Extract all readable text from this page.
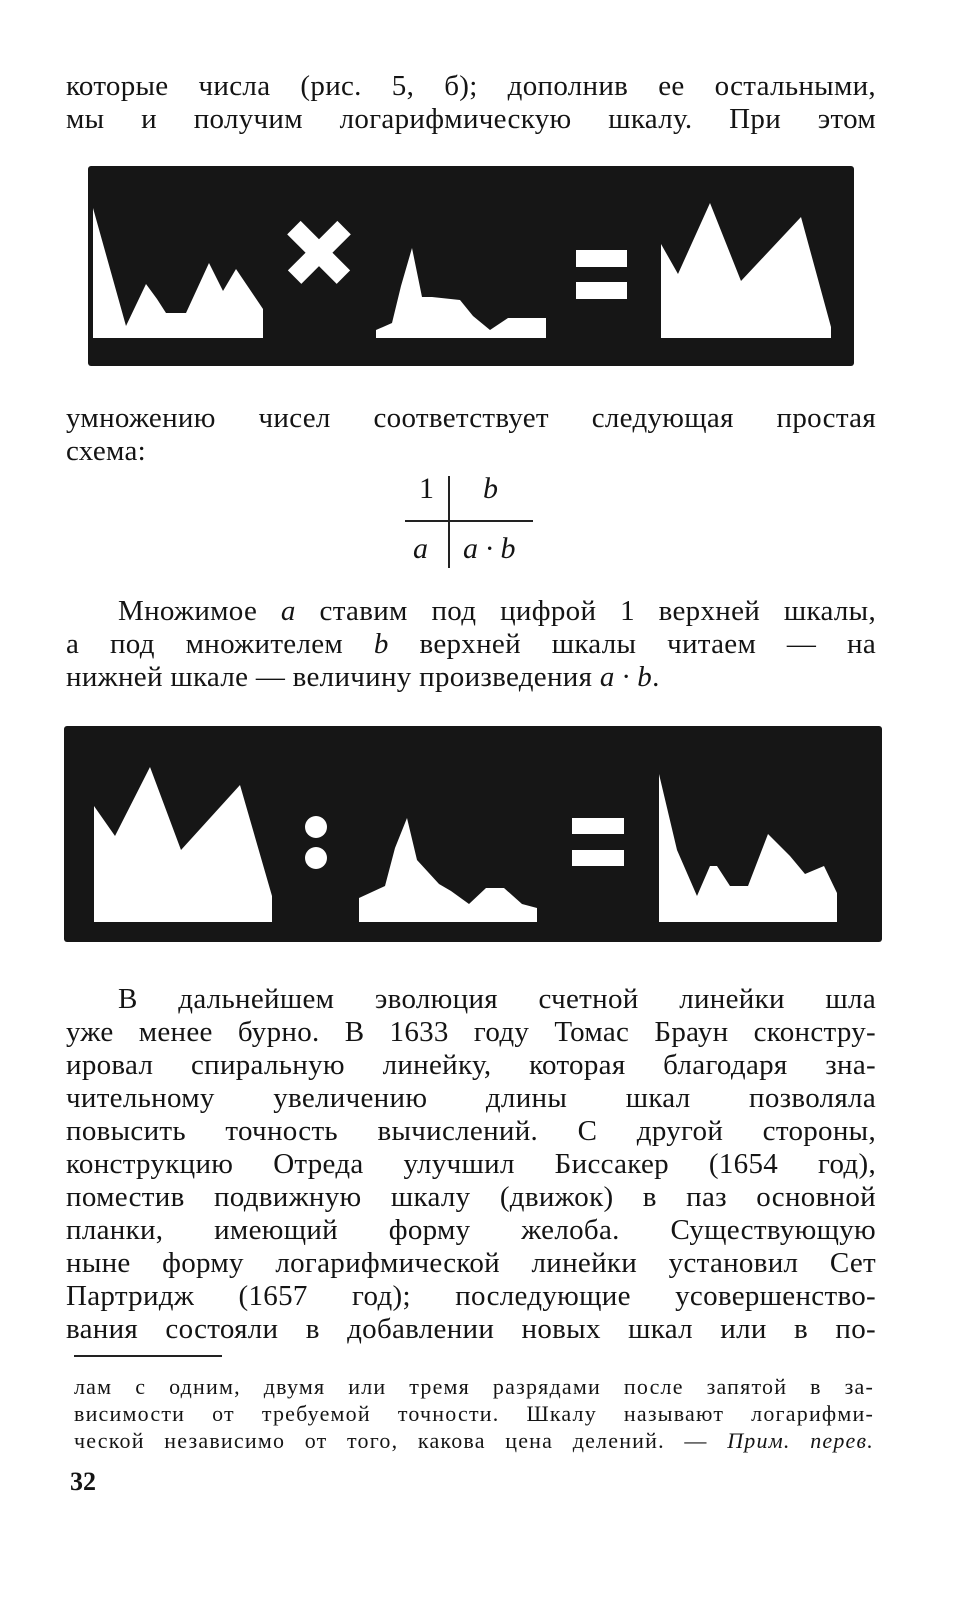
которые числа (рис. 5, б); дополнив ее остальными,
мы и получим логарифмическую шкалу. При этом
умножению чисел соответствует следующая простая
схема:
1 b
a a · b
Множимое a ставим под цифрой 1 верхней шкалы,
а под множителем b верхней шкалы читаем — на
нижней шкале — величину произведения a · b.
В дальнейшем эволюция счетной линейки шла
уже менее бурно. В 1633 году Томас Браун сконстру-
ировал спиральную линейку, которая благодаря зна-
чительному увеличению длины шкал позволяла
повысить точность вычислений. С другой стороны,
конструкцию Отреда улучшил Биссакер (1654 год),
поместив подвижную шкалу (движок) в паз основной
планки, имеющий форму желоба. Существующую
ныне форму логарифмической линейки установил Сет
Партридж (1657 год); последующие усовершенство-
вания состояли в добавлении новых шкал или в по-
лам с одним, двумя или тремя разрядами после запятой в за-
висимости от требуемой точности. Шкалу называют логарифми-
ческой независимо от того, какова цена делений. — Прим. перев.
32
